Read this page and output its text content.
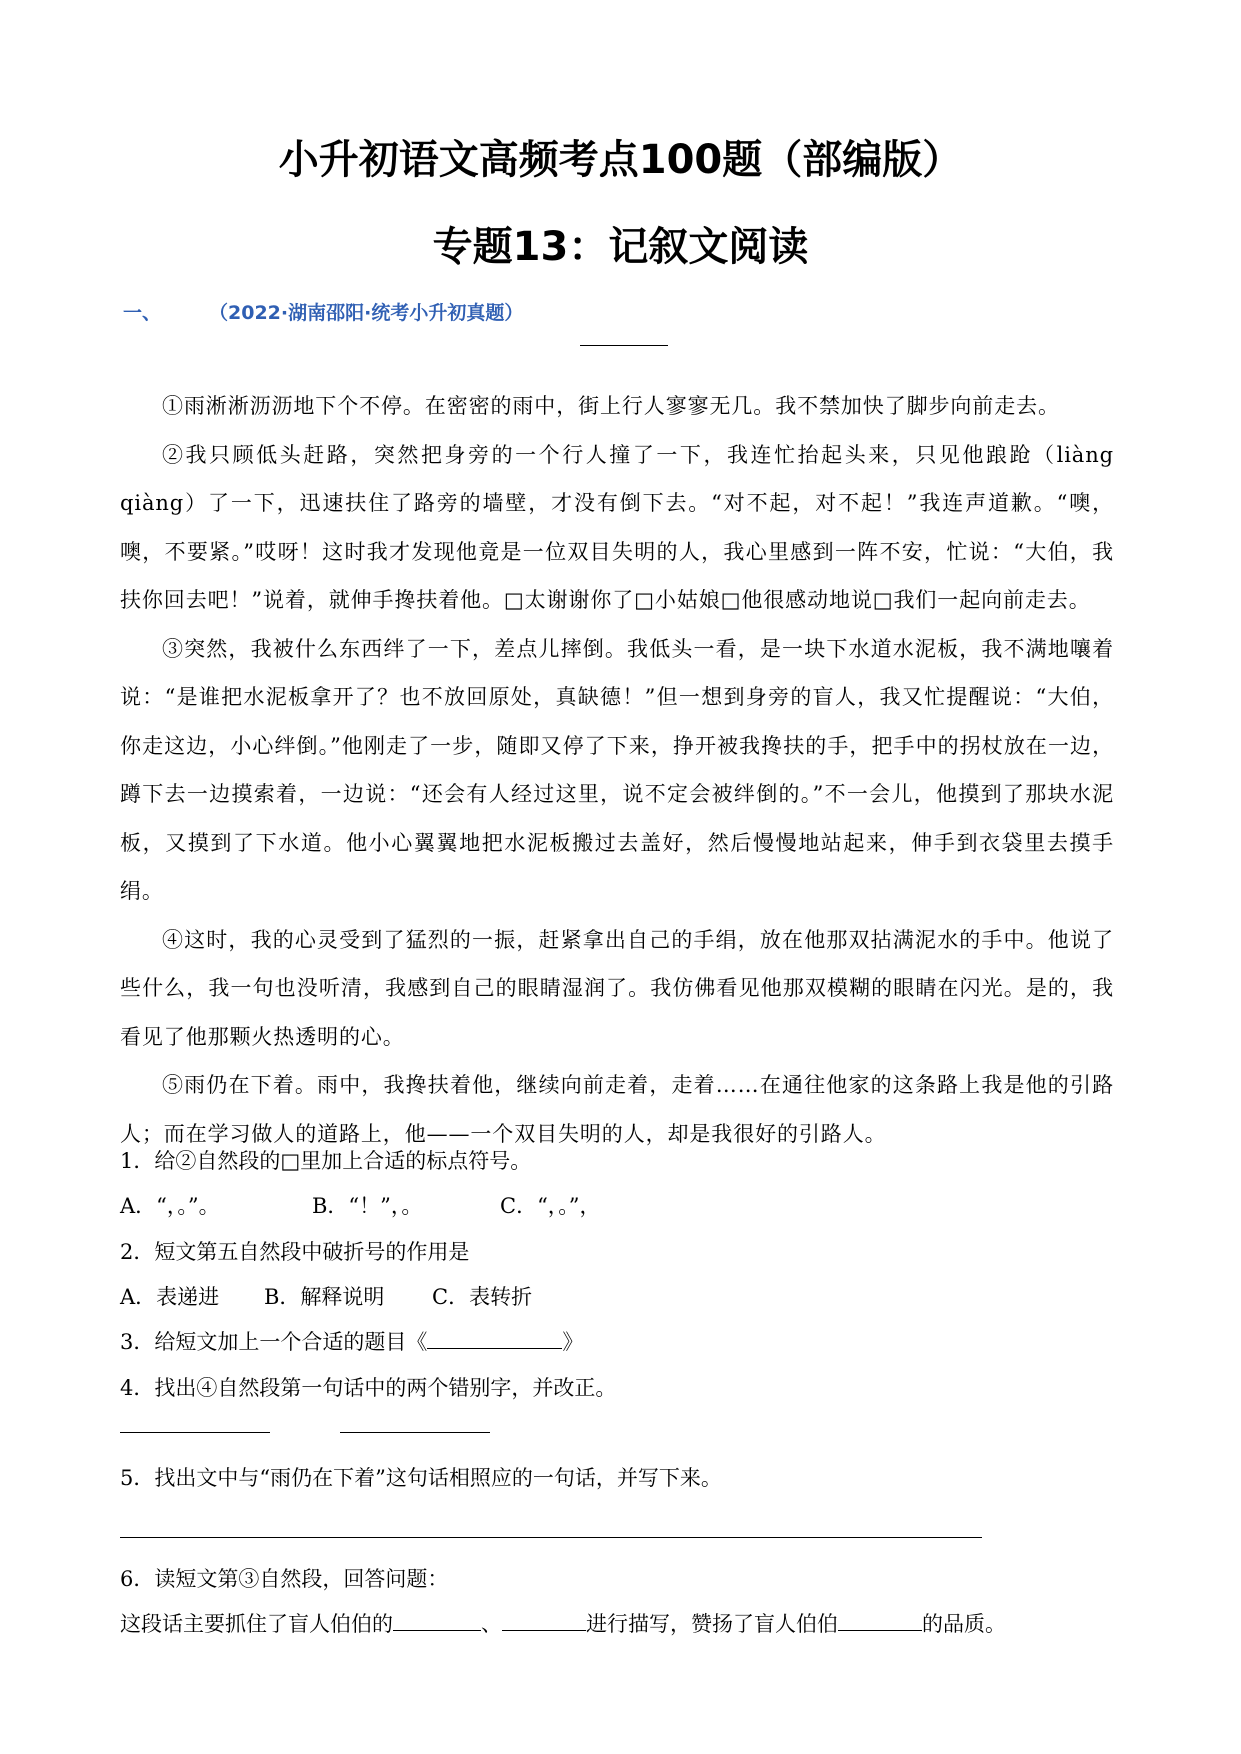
小升初语文高频考点100题（部编版）
专题13：记叙文阅读
一、	（2022·湖南邵阳·统考小升初真题）

①雨淅淅沥沥地下个不停。在密密的雨中，街上行人寥寥无几。我不禁加快了脚步向前走去。

②我只顾低头赶路，突然把身旁的一个行人撞了一下，我连忙抬起头来，只见他踉跄（liàng qiàng）了一下，迅速扶住了路旁的墙壁，才没有倒下去。“对不起，对不起！”我连声道歉。“噢，噢，不要紧。”哎呀！这时我才发现他竟是一位双目失明的人，我心里感到一阵不安，忙说：“大伯，我扶你回去吧！”说着，就伸手搀扶着他。□太谢谢你了□小姑娘□他很感动地说□我们一起向前走去。

③突然，我被什么东西绊了一下，差点儿摔倒。我低头一看，是一块下水道水泥板，我不满地嚷着说：“是谁把水泥板拿开了？也不放回原处，真缺德！”但一想到身旁的盲人，我又忙提醒说：“大伯，你走这边，小心绊倒。”他刚走了一步，随即又停了下来，挣开被我搀扶的手，把手中的拐杖放在一边，蹲下去一边摸索着，一边说：“还会有人经过这里，说不定会被绊倒的。”不一会儿，他摸到了那块水泥板，又摸到了下水道。他小心翼翼地把水泥板搬过去盖好，然后慢慢地站起来，伸手到衣袋里去摸手绢。

④这时，我的心灵受到了猛烈的一振，赶紧拿出自己的手绢，放在他那双拈满泥水的手中。他说了些什么，我一句也没听清，我感到自己的眼睛湿润了。我仿佛看见他那双模糊的眼睛在闪光。是的，我看见了他那颗火热透明的心。

⑤雨仍在下着。雨中，我搀扶着他，继续向前走着，走着……在通往他家的这条路上我是他的引路人；而在学习做人的道路上，他——一个双目失明的人，却是我很好的引路人。

1．给②自然段的□里加上合适的标点符号。
A．“，。”。	B．“！”，。	C．“，。”，
2．短文第五自然段中破折号的作用是
A．表递进 B．解释说明 C．表转折
3．给短文加上一个合适的题目《	》
4．找出④自然段第一句话中的两个错别字，并改正。
5．找出文中与“雨仍在下着”这句话相照应的一句话，并写下来。
6．读短文第③自然段，回答问题：
这段话主要抓住了盲人伯伯的	、	进行描写，赞扬了盲人伯伯	的品质。
